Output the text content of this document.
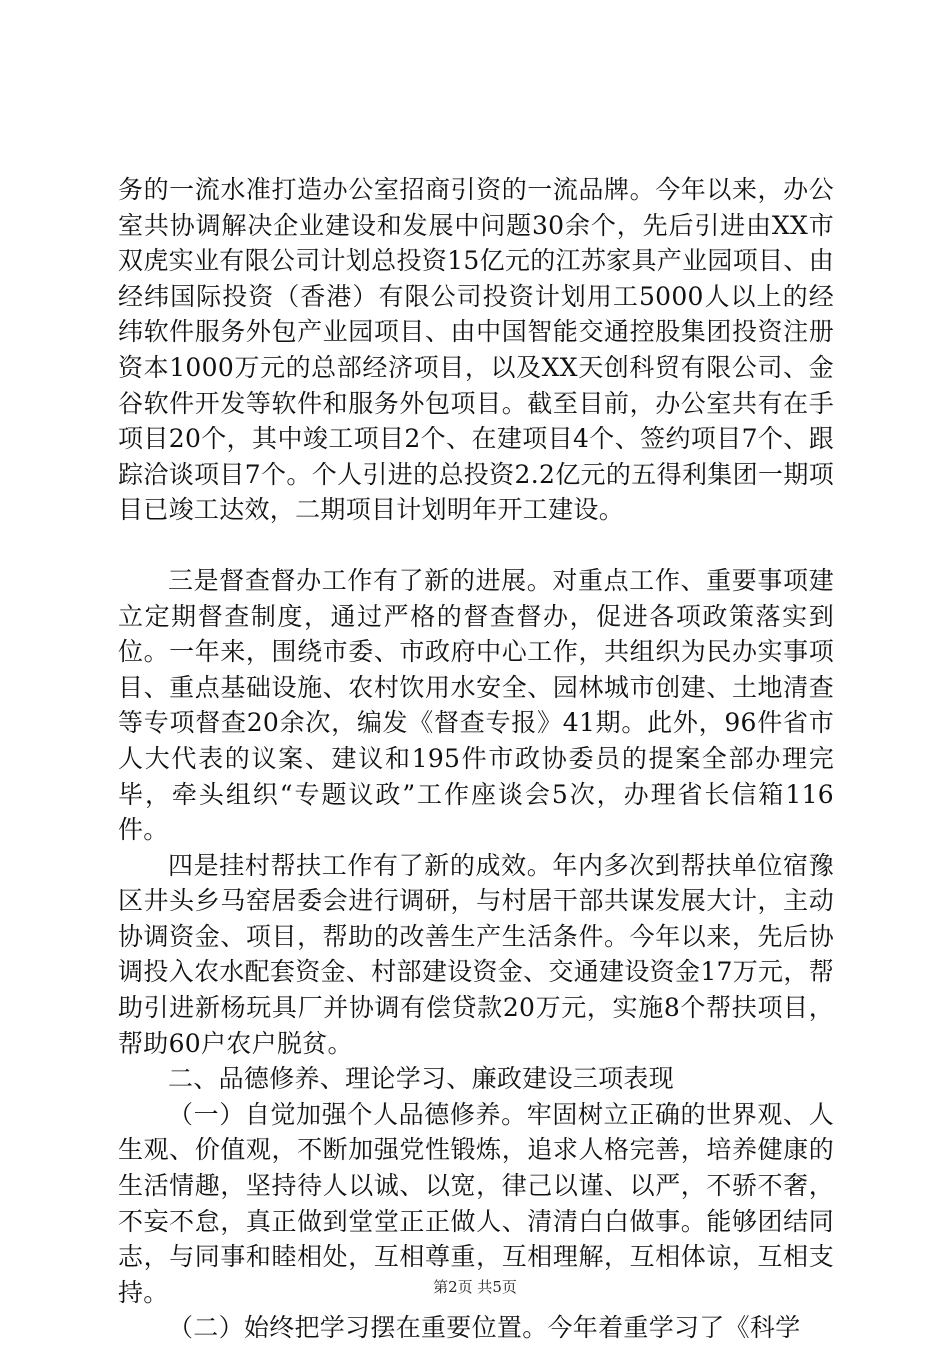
务的一流水准打造办公室招商引资的一流品牌。今年以来，办公室共协调解决企业建设和发展中问题30余个，先后引进由XX市双虎实业有限公司计划总投资15亿元的江苏家具产业园项目、由经纬国际投资（香港）有限公司投资计划用工5000人以上的经纬软件服务外包产业园项目、由中国智能交通控股集团投资注册资本1000万元的总部经济项目，以及XX天创科贸有限公司、金谷软件开发等软件和服务外包项目。截至目前，办公室共有在手项目20个，其中竣工项目2个、在建项目4个、签约项目7个、跟踪洽谈项目7个。个人引进的总投资2.2亿元的五得利集团一期项目已竣工达效，二期项目计划明年开工建设。

三是督查督办工作有了新的进展。对重点工作、重要事项建立定期督查制度，通过严格的督查督办，促进各项政策落实到位。一年来，围绕市委、市政府中心工作，共组织为民办实事项目、重点基础设施、农村饮用水安全、园林城市创建、土地清查等专项督查20余次，编发《督查专报》41期。此外，96件省市人大代表的议案、建议和195件市政协委员的提案全部办理完毕，牵头组织“专题议政”工作座谈会5次，办理省长信箱116件。

四是挂村帮扶工作有了新的成效。年内多次到帮扶单位宿豫区井头乡马窑居委会进行调研，与村居干部共谋发展大计，主动协调资金、项目，帮助的改善生产生活条件。今年以来，先后协调投入农水配套资金、村部建设资金、交通建设资金17万元，帮助引进新杨玩具厂并协调有偿贷款20万元，实施8个帮扶项目，帮助60户农户脱贫。

二、品德修养、理论学习、廉政建设三项表现

（一）自觉加强个人品德修养。牢固树立正确的世界观、人生观、价值观，不断加强党性锻炼，追求人格完善，培养健康的生活情趣，坚持待人以诚、以宽，律己以谨、以严，不骄不奢，不妄不怠，真正做到堂堂正正做人、清清白白做事。能够团结同志，与同事和睦相处，互相尊重，互相理解，互相体谅，互相支持。

（二）始终把学习摆在重要位置。今年着重学习了《科学

第2页 共5页
